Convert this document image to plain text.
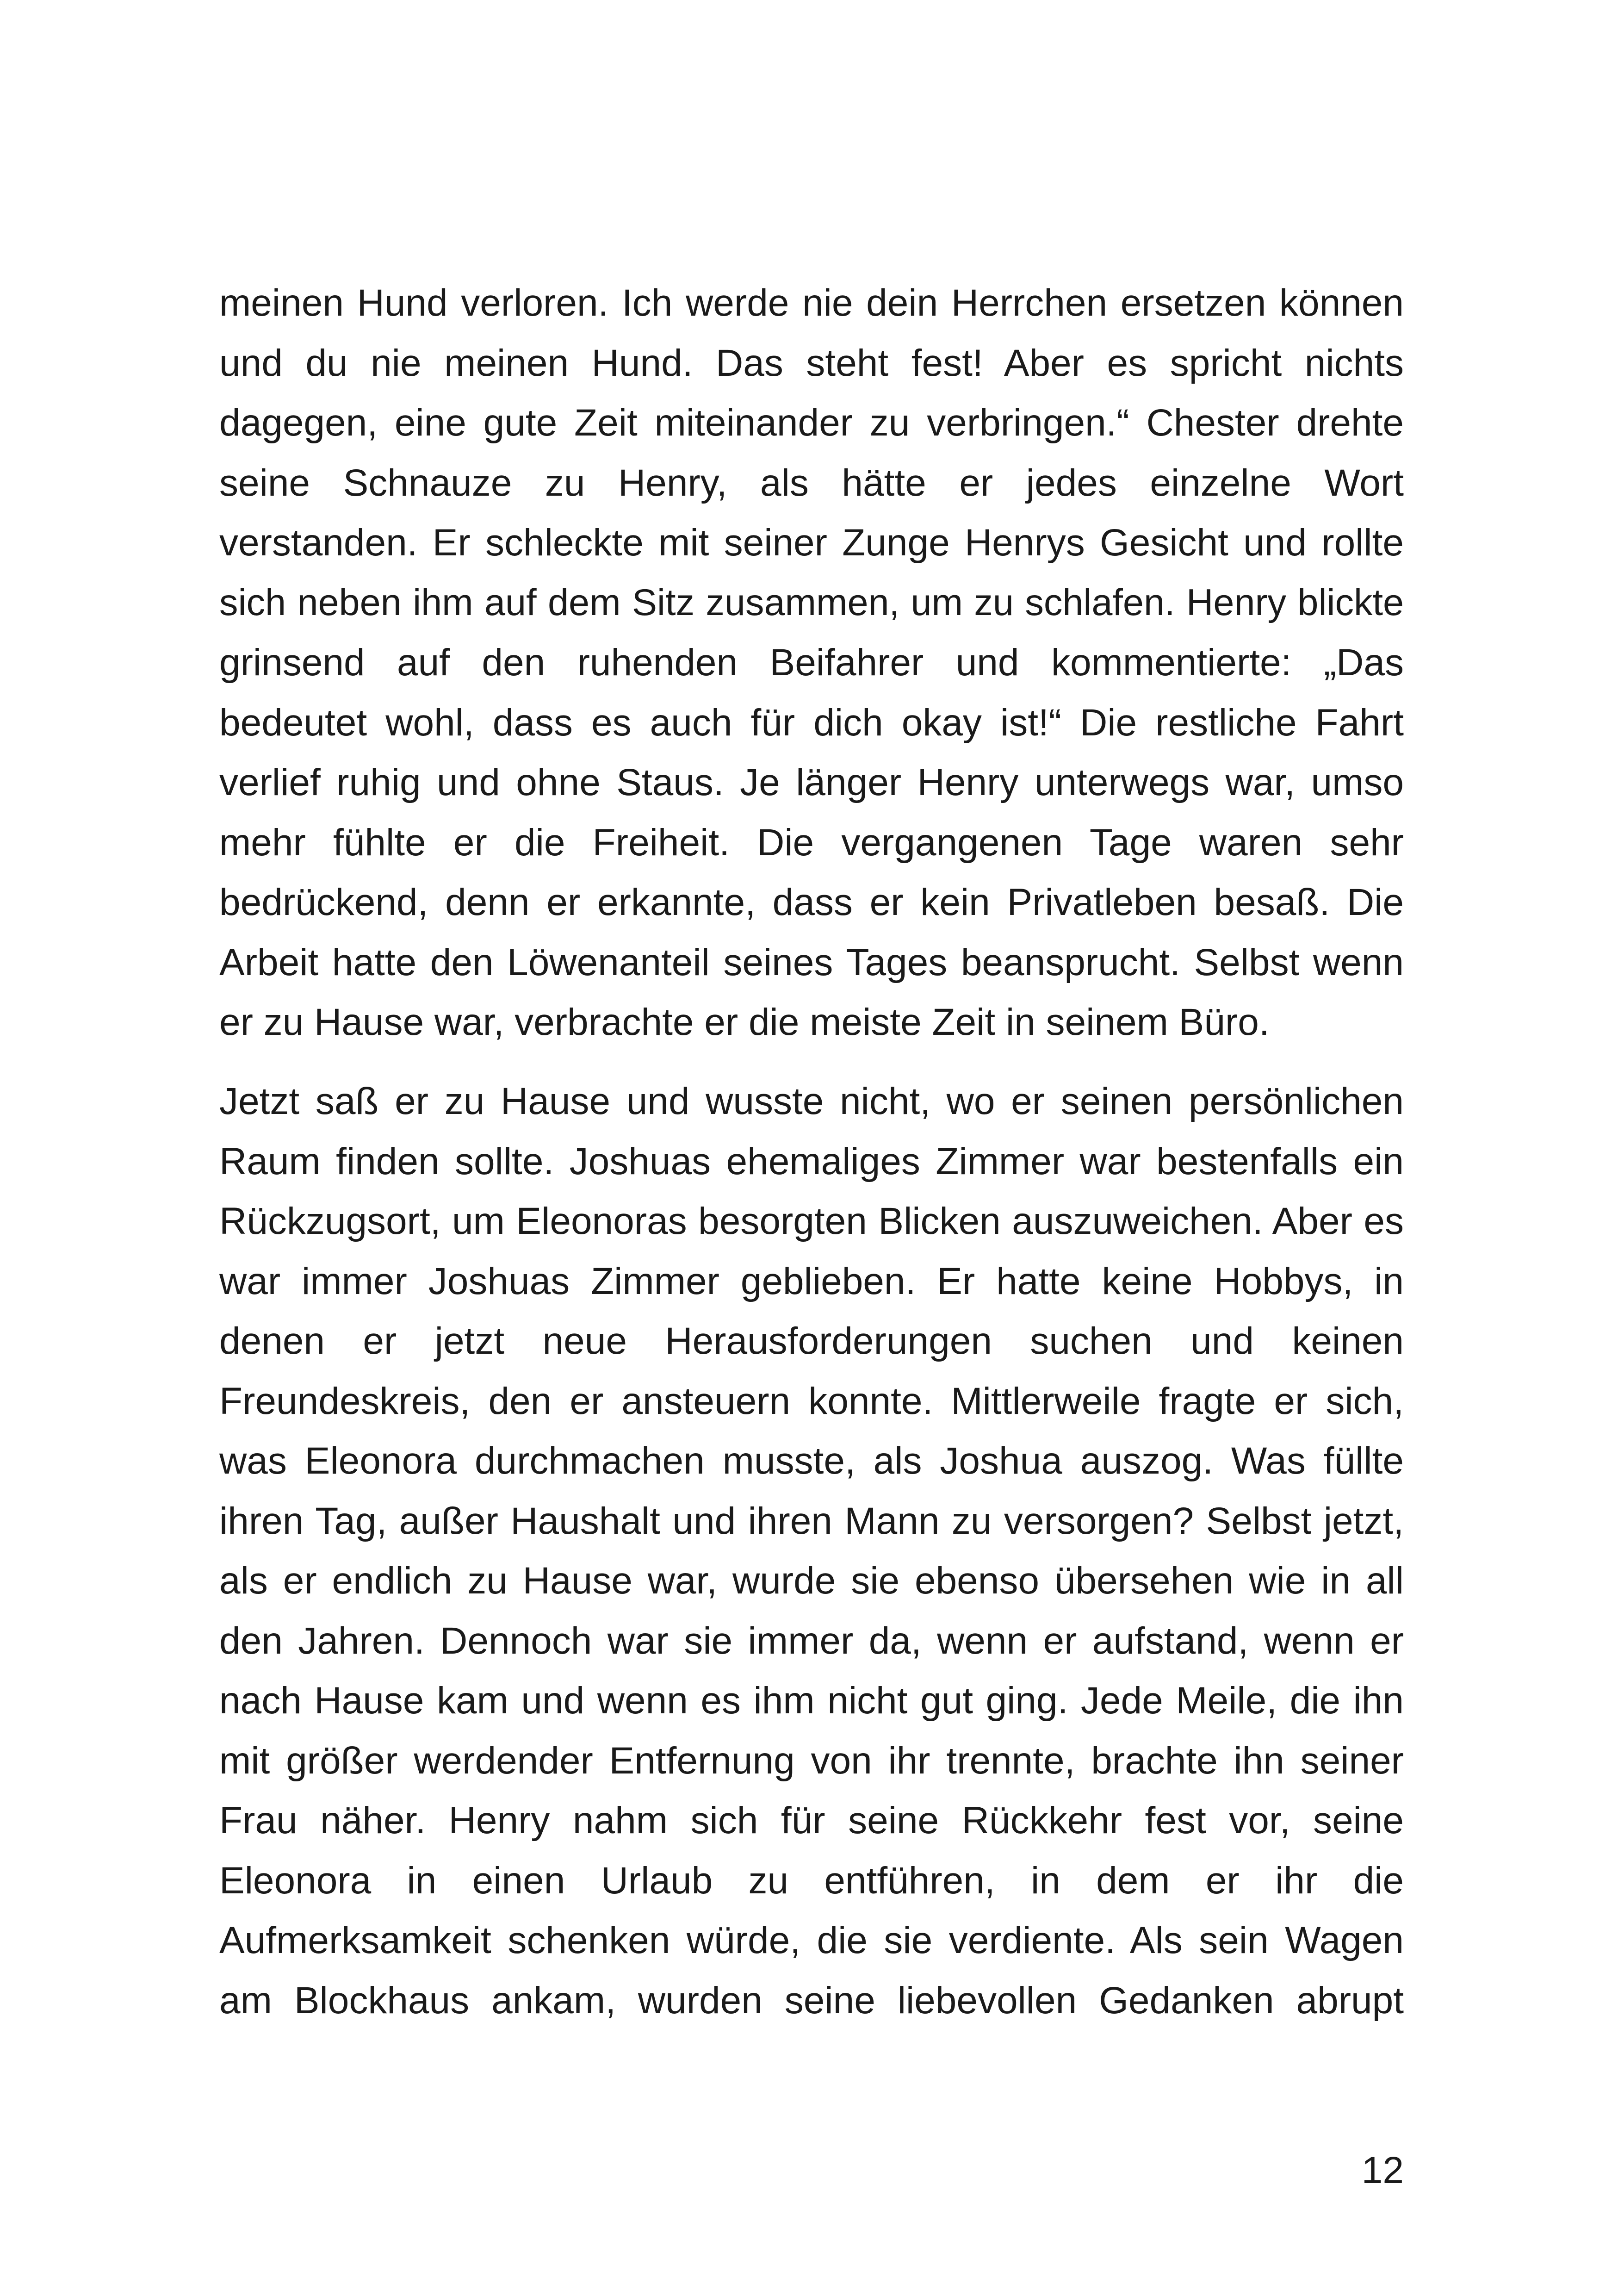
meinen Hund verloren. Ich werde nie dein Herrchen ersetzen können
und du nie meinen Hund. Das steht fest! Aber es spricht nichts
dagegen, eine gute Zeit miteinander zu verbringen.“ Chester drehte
seine Schnauze zu Henry, als hätte er jedes einzelne Wort
verstanden. Er schleckte mit seiner Zunge Henrys Gesicht und rollte
sich neben ihm auf dem Sitz zusammen, um zu schlafen. Henry blickte
grinsend auf den ruhenden Beifahrer und kommentierte: „Das
bedeutet wohl, dass es auch für dich okay ist!“ Die restliche Fahrt
verlief ruhig und ohne Staus. Je länger Henry unterwegs war, umso
mehr fühlte er die Freiheit. Die vergangenen Tage waren sehr
bedrückend, denn er erkannte, dass er kein Privatleben besaß. Die
Arbeit hatte den Löwenanteil seines Tages beansprucht. Selbst wenn
er zu Hause war, verbrachte er die meiste Zeit in seinem Büro.
Jetzt saß er zu Hause und wusste nicht, wo er seinen persönlichen
Raum finden sollte. Joshuas ehemaliges Zimmer war bestenfalls ein
Rückzugsort, um Eleonoras besorgten Blicken auszuweichen. Aber es
war immer Joshuas Zimmer geblieben. Er hatte keine Hobbys, in
denen er jetzt neue Herausforderungen suchen und keinen
Freundeskreis, den er ansteuern konnte. Mittlerweile fragte er sich,
was Eleonora durchmachen musste, als Joshua auszog. Was füllte
ihren Tag, außer Haushalt und ihren Mann zu versorgen? Selbst jetzt,
als er endlich zu Hause war, wurde sie ebenso übersehen wie in all
den Jahren. Dennoch war sie immer da, wenn er aufstand, wenn er
nach Hause kam und wenn es ihm nicht gut ging. Jede Meile, die ihn
mit größer werdender Entfernung von ihr trennte, brachte ihn seiner
Frau näher. Henry nahm sich für seine Rückkehr fest vor, seine
Eleonora in einen Urlaub zu entführen, in dem er ihr die
Aufmerksamkeit schenken würde, die sie verdiente. Als sein Wagen
am Blockhaus ankam, wurden seine liebevollen Gedanken abrupt
12
